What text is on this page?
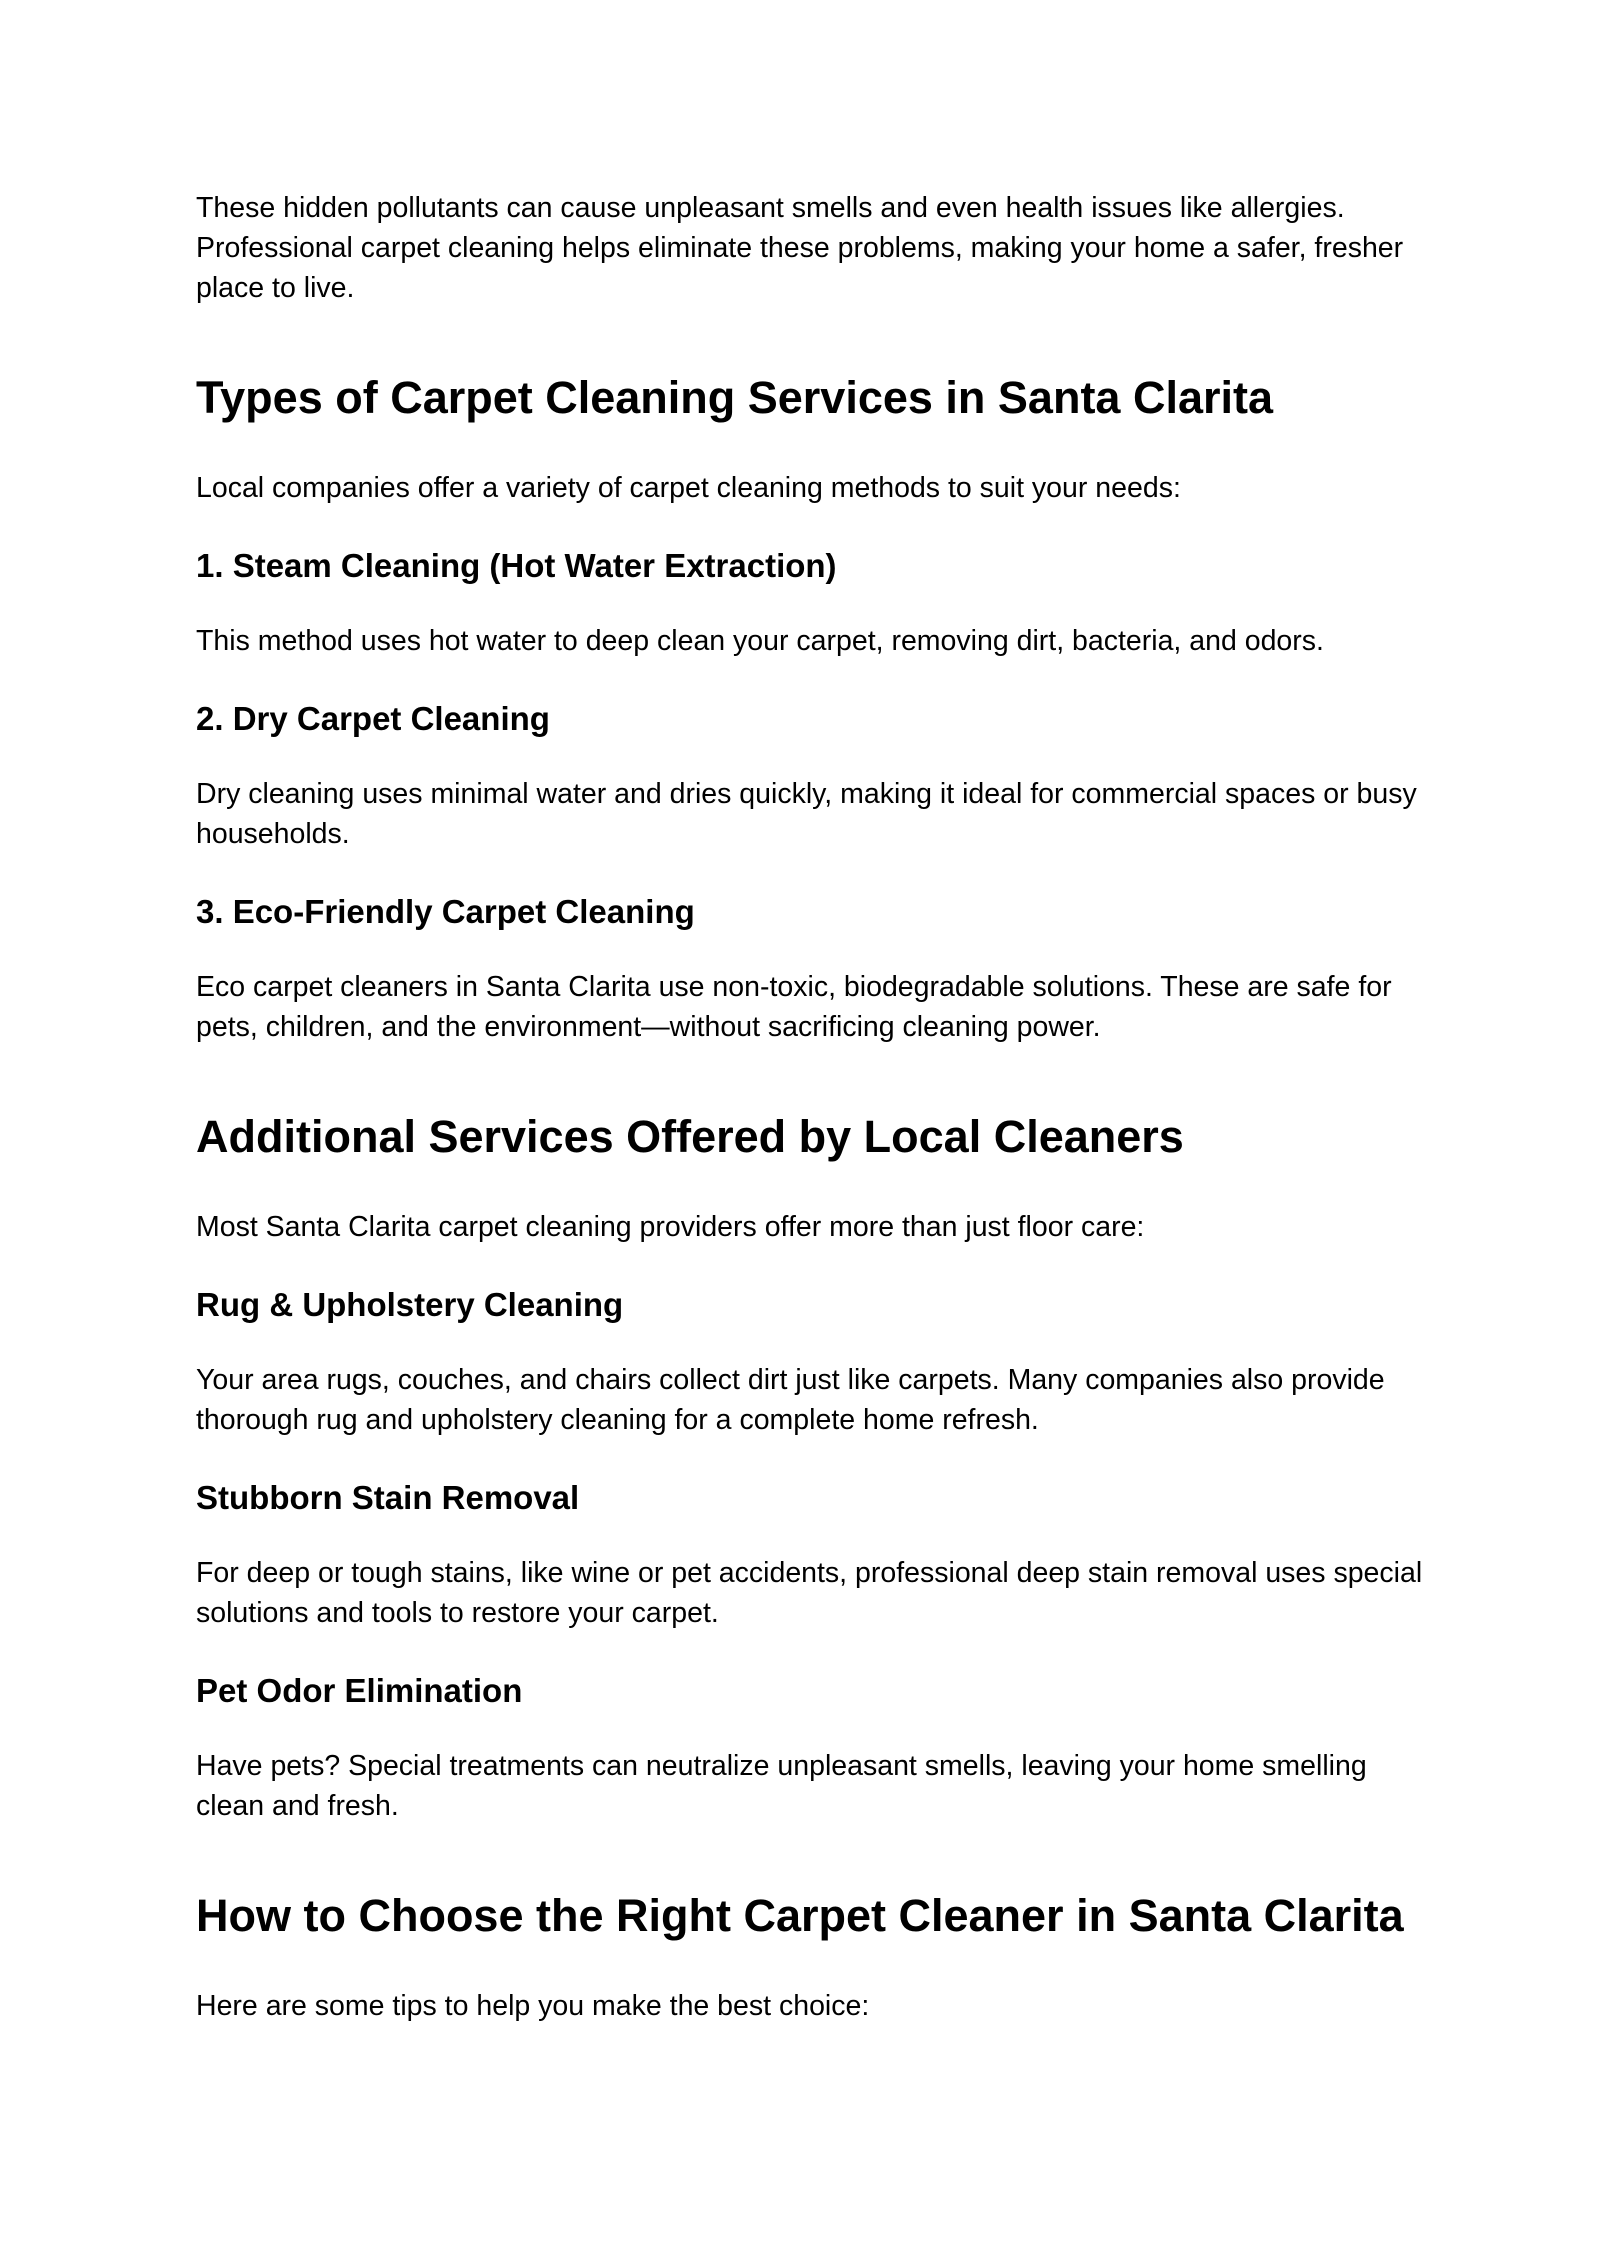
These hidden pollutants can cause unpleasant smells and even health issues like allergies. Professional carpet cleaning helps eliminate these problems, making your home a safer, fresher place to live.

Types of Carpet Cleaning Services in Santa Clarita

Local companies offer a variety of carpet cleaning methods to suit your needs:

1. Steam Cleaning (Hot Water Extraction)

This method uses hot water to deep clean your carpet, removing dirt, bacteria, and odors.

2. Dry Carpet Cleaning

Dry cleaning uses minimal water and dries quickly, making it ideal for commercial spaces or busy households.

3. Eco-Friendly Carpet Cleaning

Eco carpet cleaners in Santa Clarita use non-toxic, biodegradable solutions. These are safe for pets, children, and the environment—without sacrificing cleaning power.

Additional Services Offered by Local Cleaners

Most Santa Clarita carpet cleaning providers offer more than just floor care:

Rug & Upholstery Cleaning

Your area rugs, couches, and chairs collect dirt just like carpets. Many companies also provide thorough rug and upholstery cleaning for a complete home refresh.

Stubborn Stain Removal

For deep or tough stains, like wine or pet accidents, professional deep stain removal uses special solutions and tools to restore your carpet.

Pet Odor Elimination

Have pets? Special treatments can neutralize unpleasant smells, leaving your home smelling clean and fresh.

How to Choose the Right Carpet Cleaner in Santa Clarita

Here are some tips to help you make the best choice:
